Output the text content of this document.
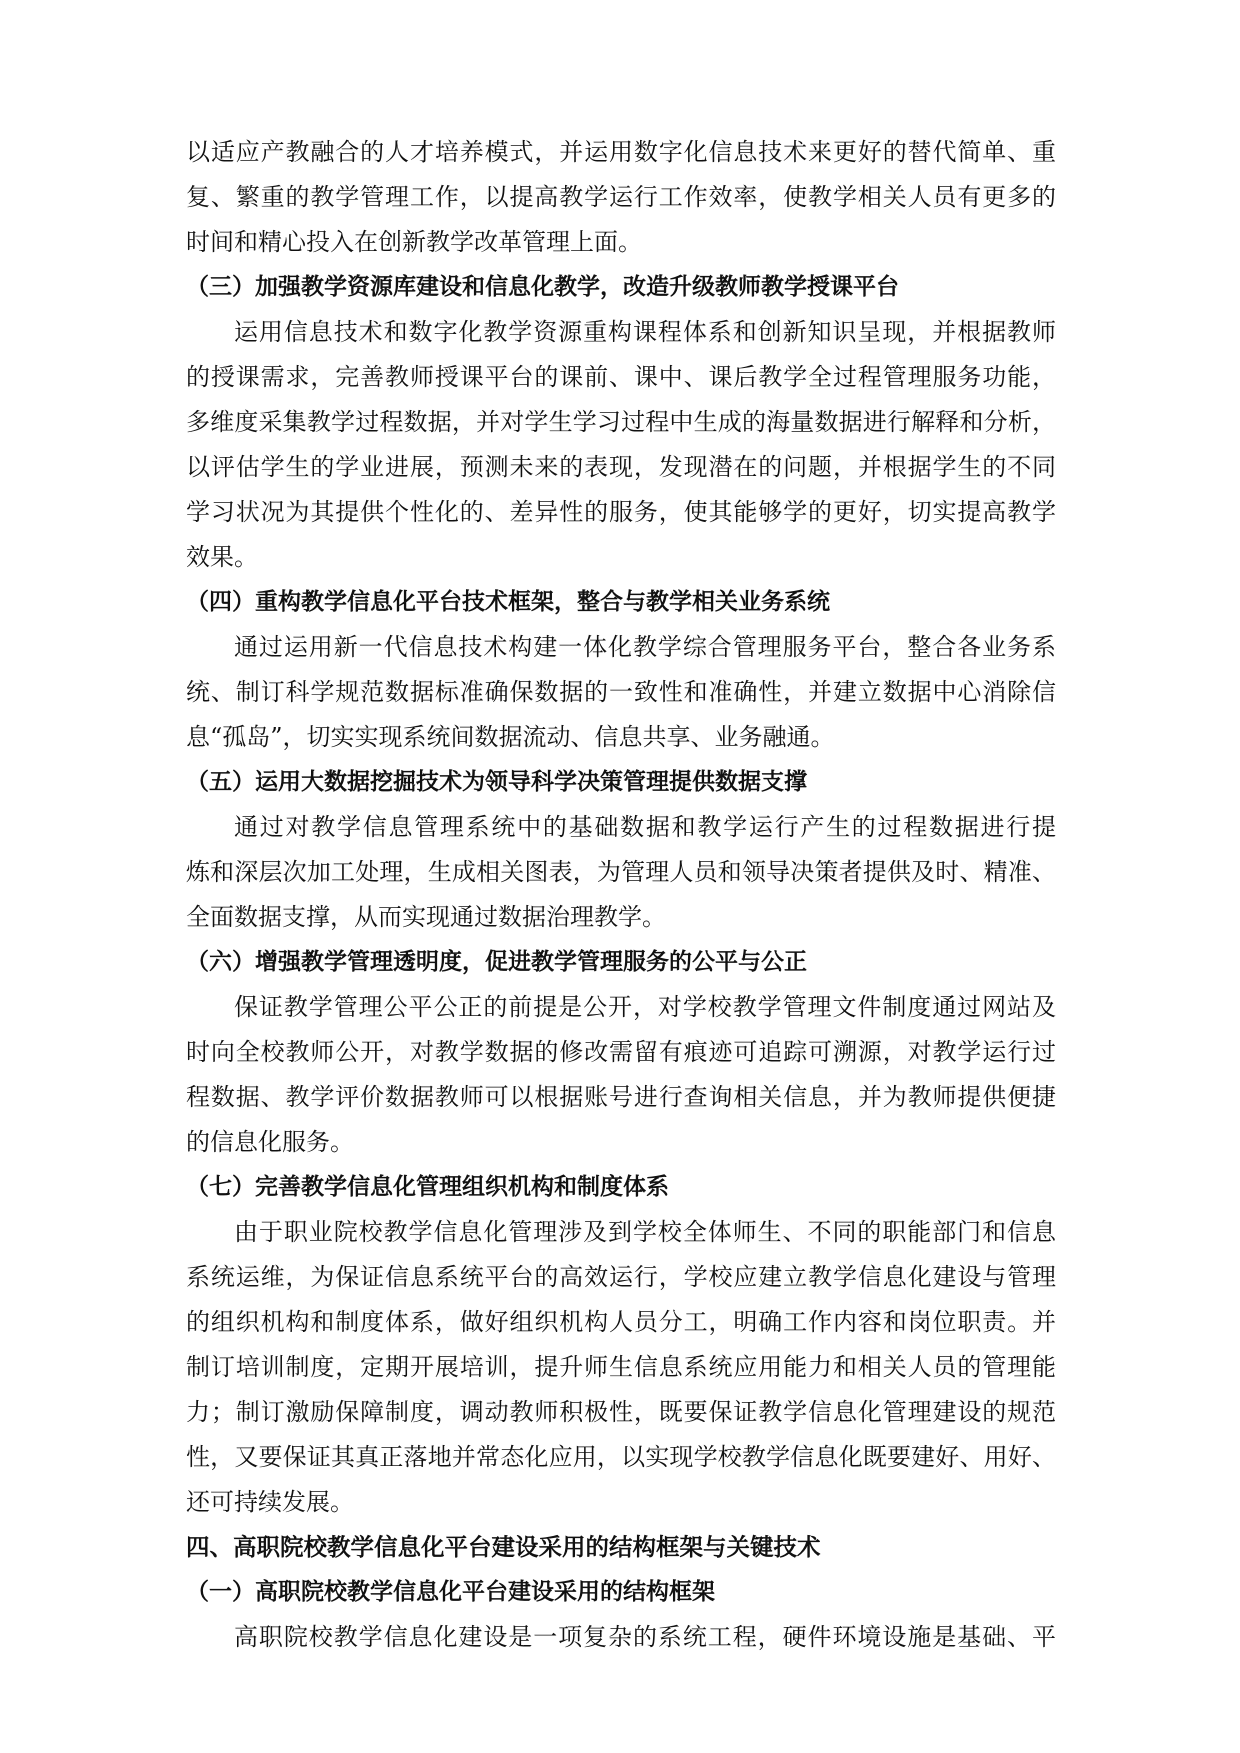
以适应产教融合的人才培养模式，并运用数字化信息技术来更好的替代简单、重
复、繁重的教学管理工作，以提高教学运行工作效率，使教学相关人员有更多的
时间和精心投入在创新教学改革管理上面。
（三）加强教学资源库建设和信息化教学，改造升级教师教学授课平台
运用信息技术和数字化教学资源重构课程体系和创新知识呈现，并根据教师
的授课需求，完善教师授课平台的课前、课中、课后教学全过程管理服务功能，
多维度采集教学过程数据，并对学生学习过程中生成的海量数据进行解释和分析，
以评估学生的学业进展，预测未来的表现，发现潜在的问题，并根据学生的不同
学习状况为其提供个性化的、差异性的服务，使其能够学的更好，切实提高教学
效果。
（四）重构教学信息化平台技术框架，整合与教学相关业务系统
通过运用新一代信息技术构建一体化教学综合管理服务平台，整合各业务系
统、制订科学规范数据标准确保数据的一致性和准确性，并建立数据中心消除信
息“孤岛”，切实实现系统间数据流动、信息共享、业务融通。
（五）运用大数据挖掘技术为领导科学决策管理提供数据支撑
通过对教学信息管理系统中的基础数据和教学运行产生的过程数据进行提
炼和深层次加工处理，生成相关图表，为管理人员和领导决策者提供及时、精准、
全面数据支撑，从而实现通过数据治理教学。
（六）增强教学管理透明度，促进教学管理服务的公平与公正
保证教学管理公平公正的前提是公开，对学校教学管理文件制度通过网站及
时向全校教师公开，对教学数据的修改需留有痕迹可追踪可溯源，对教学运行过
程数据、教学评价数据教师可以根据账号进行查询相关信息，并为教师提供便捷
的信息化服务。
（七）完善教学信息化管理组织机构和制度体系
由于职业院校教学信息化管理涉及到学校全体师生、不同的职能部门和信息
系统运维，为保证信息系统平台的高效运行，学校应建立教学信息化建设与管理
的组织机构和制度体系，做好组织机构人员分工，明确工作内容和岗位职责。并
制订培训制度，定期开展培训，提升师生信息系统应用能力和相关人员的管理能
力；制订激励保障制度，调动教师积极性，既要保证教学信息化管理建设的规范
性，又要保证其真正落地并常态化应用，以实现学校教学信息化既要建好、用好、
还可持续发展。
四、高职院校教学信息化平台建设采用的结构框架与关键技术
（一）高职院校教学信息化平台建设采用的结构框架
高职院校教学信息化建设是一项复杂的系统工程，硬件环境设施是基础、平
